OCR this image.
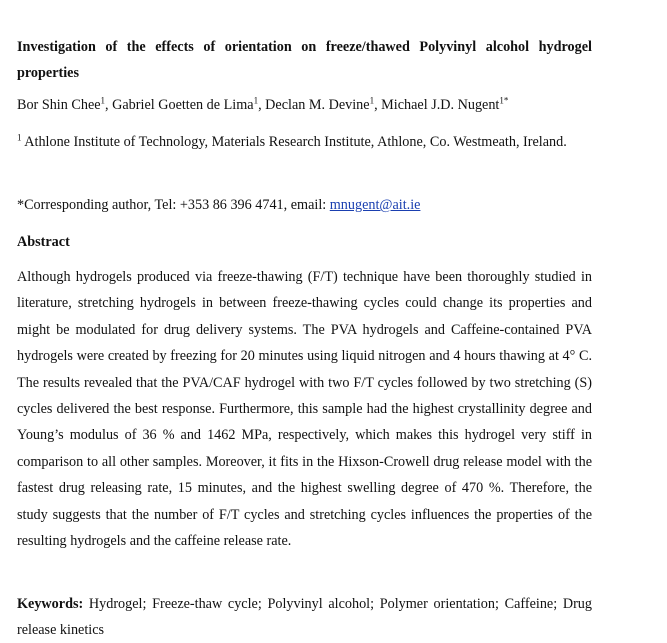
Investigation of the effects of orientation on freeze/thawed Polyvinyl alcohol hydrogel properties
Bor Shin Chee$^1$, Gabriel Goetten de Lima$^1$, Declan M. Devine$^1$, Michael J.D. Nugent$^{1*}$
$^1$ Athlone Institute of Technology, Materials Research Institute, Athlone, Co. Westmeath, Ireland.
*Corresponding author, Tel: +353 86 396 4741, email: mnugent@ait.ie
Abstract
Although hydrogels produced via freeze-thawing (F/T) technique have been thoroughly studied in literature, stretching hydrogels in between freeze-thawing cycles could change its properties and might be modulated for drug delivery systems. The PVA hydrogels and Caffeine-contained PVA hydrogels were created by freezing for 20 minutes using liquid nitrogen and 4 hours thawing at 4° C. The results revealed that the PVA/CAF hydrogel with two F/T cycles followed by two stretching (S) cycles delivered the best response. Furthermore, this sample had the highest crystallinity degree and Young’s modulus of 36 % and 1462 MPa, respectively, which makes this hydrogel very stiff in comparison to all other samples. Moreover, it fits in the Hixson-Crowell drug release model with the fastest drug releasing rate, 15 minutes, and the highest swelling degree of 470 %. Therefore, the study suggests that the number of F/T cycles and stretching cycles influences the properties of the resulting hydrogels and the caffeine release rate.
Keywords: Hydrogel; Freeze-thaw cycle; Polyvinyl alcohol; Polymer orientation; Caffeine; Drug release kinetics
